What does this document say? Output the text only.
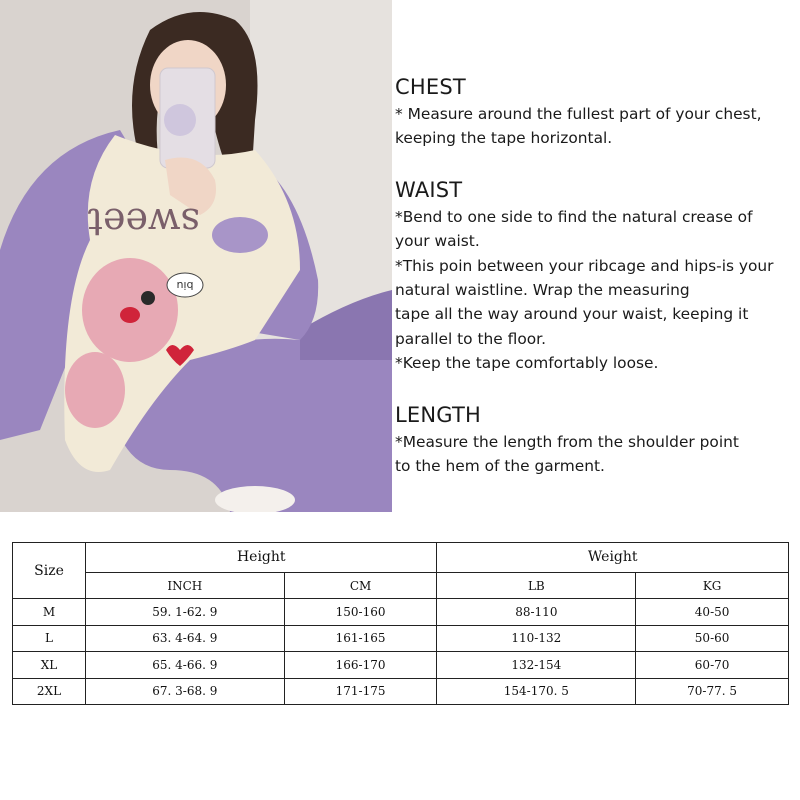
biu
sweet
CHEST

* Measure around the fullest part of your chest,
keeping the tape horizontal.

WAIST

*Bend to one side to find the natural crease of
your waist.
*This poin between your ribcage and hips-is your
natural waistline. Wrap the measuring
tape all the way around your waist, keeping it
parallel to the floor.
*Keep the tape comfortably loose.

LENGTH

*Measure the length from the shoulder point
to the hem of the garment.

Size	Height		Weight	
	INCH	CM	LB	KG
M	59. 1-62. 9	150-160	88-110	40-50
L	63. 4-64. 9	161-165	110-132	50-60
XL	65. 4-66. 9	166-170	132-154	60-70
2XL	67. 3-68. 9	171-175	154-170. 5	70-77. 5
